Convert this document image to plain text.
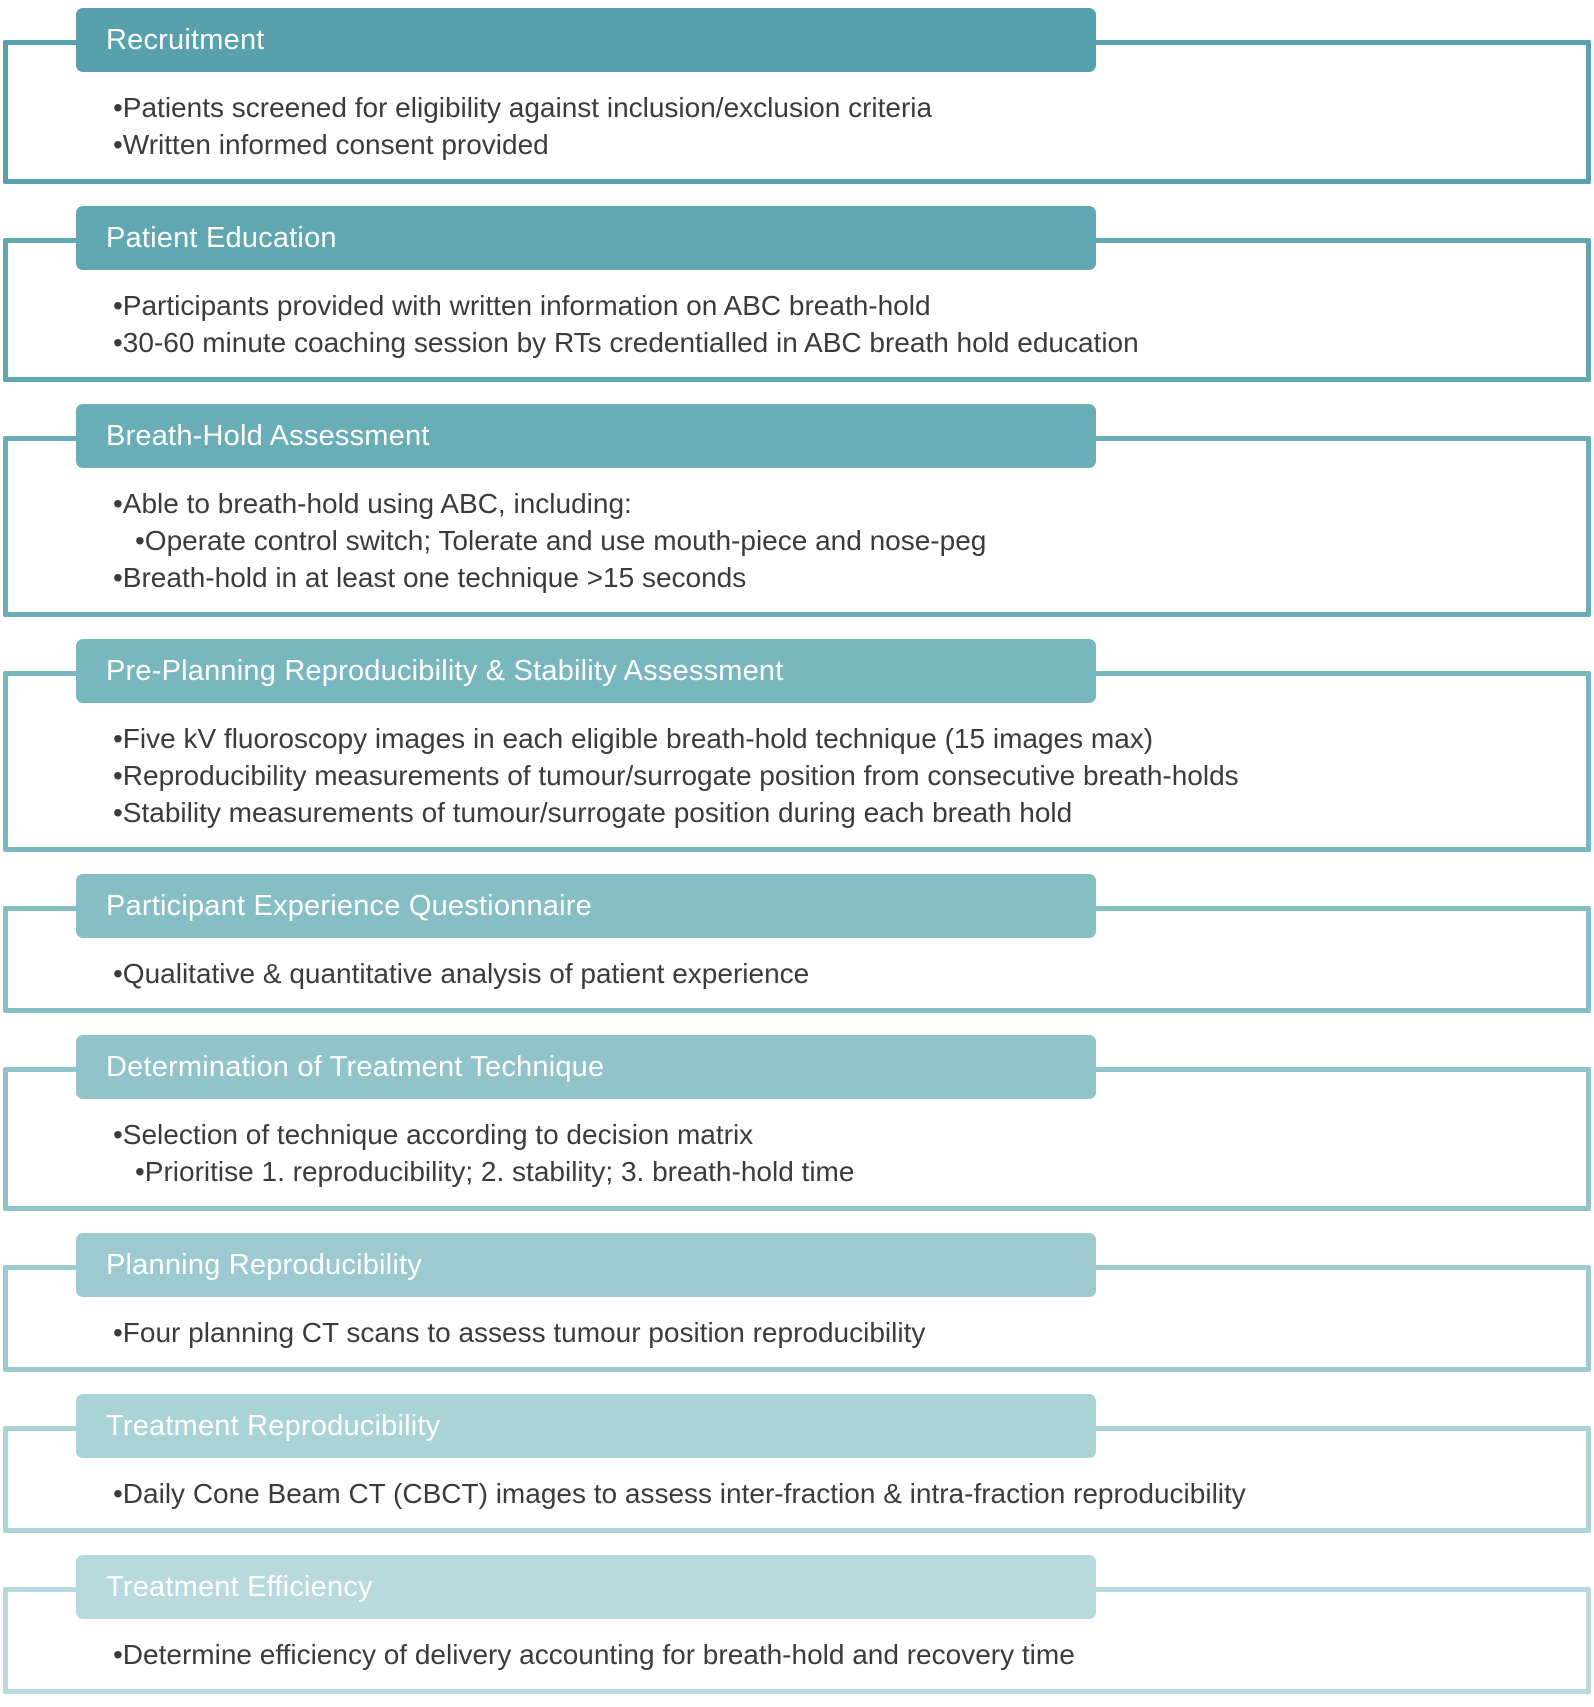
Recruitment
•Patients screened for eligibility against inclusion/exclusion criteria
•Written informed consent provided
Patient Education
•Participants provided with written information on ABC breath-hold
•30-60 minute coaching session by RTs credentialled in ABC breath hold education
Breath-Hold Assessment
•Able to breath-hold using ABC, including:
•Operate control switch; Tolerate and use mouth-piece and nose-peg
•Breath-hold in at least one technique >15 seconds
Pre-Planning Reproducibility & Stability Assessment
•Five kV fluoroscopy images in each eligible breath-hold technique (15 images max)
•Reproducibility measurements of tumour/surrogate position from consecutive breath-holds
•Stability measurements of tumour/surrogate position during each breath hold
Participant Experience Questionnaire
•Qualitative & quantitative analysis of patient experience
Determination of Treatment Technique
•Selection of technique according to decision matrix
•Prioritise 1. reproducibility; 2. stability; 3. breath-hold time
Planning Reproducibility
•Four planning CT scans to assess tumour position reproducibility
Treatment Reproducibility
•Daily Cone Beam CT (CBCT) images to assess inter-fraction & intra-fraction reproducibility
Treatment Efficiency
•Determine efficiency of delivery accounting for breath-hold and recovery time
